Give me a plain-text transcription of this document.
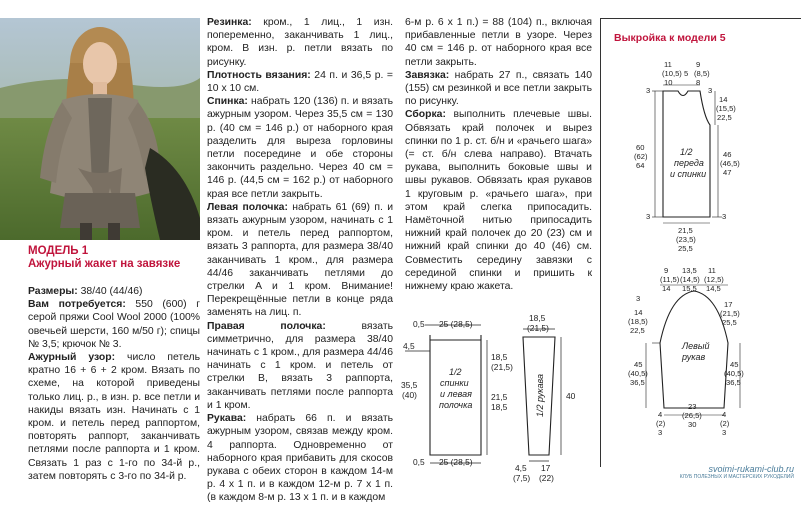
МОДЕЛЬ 1
Ажурный жакет на завязке

Размеры: 38/40 (44/46)

Вам потребуется: 550 (600) г серой пряжи Cool Wool 2000 (100% овечьей шерсти, 160 м/50 г); спицы № 3,5; крючок № 3.

Ажурный узор: число петель кратно 16 + 6 + 2 кром. Вязать по схеме, на которой приведены только лиц. р., в изн. р. все петли и накиды вязать изн. Начинать с 1 кром. и петель перед раппортом, повторять раппорт, заканчивать петлями после раппорта и 1 кром. Связать 1 раз с 1-го по 34-й р., затем повторять с 3-го по 34-й р.

Резинка: кром., 1 лиц., 1 изн. попеременно, заканчивать 1 лиц., кром. В изн. р. петли вязать по рисунку.

Плотность вязания: 24 п. и 36,5 р. = 10 х 10 см.

Спинка: набрать 120 (136) п. и вязать ажурным узором. Через 35,5 см = 130 р. (40 см = 146 р.) от наборного края разделить для выреза горловины петли посередине и обе стороны закончить раздельно. Через 40 см = 146 р. (44,5 см = 162 р.) от наборного края все петли закрыть.

Левая полочка: набрать 61 (69) п. и вязать ажурным узором, начинать с 1 кром. и петель перед раппортом, вязать 3 раппорта, для размера 38/40 заканчивать 1 кром., для размера 44/46 заканчивать петлями до стрелки A и 1 кром. Внимание! Перекрещённые петли в конце ряда заменять на лиц. п.

Правая полочка: вязать симметрично, для размера 38/40 начинать с 1 кром., для размера 44/46 начинать с 1 кром. и петель от стрелки B, вязать 3 раппорта, заканчивать петлями после раппорта и 1 кром.

Рукава: набрать 66 п. и вязать ажурным узором, связав между кром. 4 раппорта. Одновременно от наборного края прибавить для скосов рукава с обеих сторон в каждом 14-м р. 4 х 1 п. и в каждом 12-м р. 7 х 1 п. (в каждом 8-м р. 13 х 1 п. и в каждом

6-м р. 6 х 1 п.) = 88 (104) п., включая прибавленные петли в узоре. Через 40 см = 146 р. от наборного края все петли закрыть.

Завязка: набрать 27 п., связать 140 (155) см резинкой и все петли закрыть по рисунку.

Сборка: выполнить плечевые швы. Обвязать край полочек и вырез спинки по 1 р. ст. б/н и «рачьего шага» (= ст. б/н слева направо). Втачать рукава, выполнить боковые швы и швы рукавов. Обвязать края рукавов 1 круговым р. «рачьего шага», при этом край слегка припосадить. Намёточной нитью припосадить нижний край полочек до 20 (23) см и нижний край спинки до 40 (46) см. Совместить середину завязки с серединой спинки и пришить к нижнему краю жакета.

0,5 25 (28,5)
4,5
35,5
(40)
1/2
спинки
и левая
полочка
18,5
(21,5)
21,5
18,5
0,5 25 (28,5)
18,5
(21,5)
1/2 рукава	40
4,5
(7,5)
17
(22)
Выкройка к модели 5
1/2
переда
и спинки
11
(10,5)
10
5
9
(8,5)
8
3	3
14
(15,5)
22,5
60
(62)
64
46
(46,5)
47
3	3
21,5
(23,5)
25,5
Левый
рукав
9
(11,5)
14
13,5
(14,5)
15,5
11
(12,5)
14,5
3
14
(18,5)
22,5
17
(21,5)
25,5
45
(40,5)
36,5
45
(40,5)
36,5
4
(2)
3
23
(26,5)
30
4
(2)
3
svoimi-rukami-club.ru
КЛУБ ПОЛЕЗНЫХ И МАСТЕРСКИХ РУКОДЕЛИЙ
